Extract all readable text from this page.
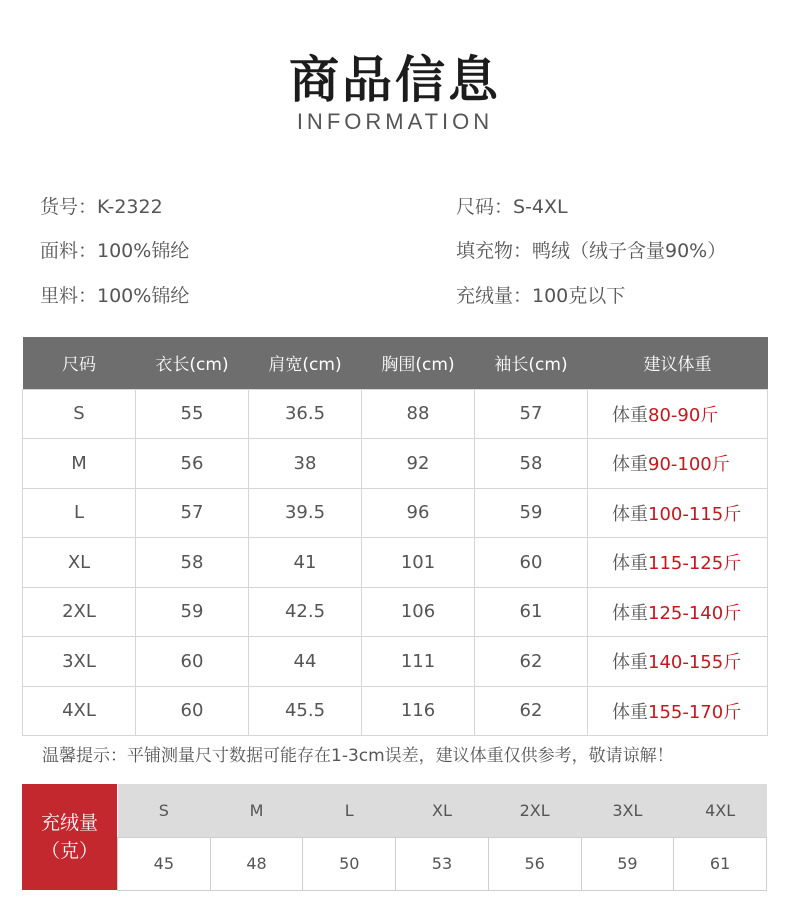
商品信息
INFORMATION
货号：K-2322
面料：100%锦纶
里料：100%锦纶
尺码：S-4XL
填充物：鸭绒（绒子含量90%）
充绒量：100克以下
尺码	衣长(cm)	肩宽(cm)	胸围(cm)	袖长(cm)	建议体重
S	55	36.5	88	57	体重80-90斤
M	56	38	92	58	体重90-100斤
L	57	39.5	96	59	体重100-115斤
XL	58	41	101	60	体重115-125斤
2XL	59	42.5	106	61	体重125-140斤
3XL	60	44	111	62	体重140-155斤
4XL	60	45.5	116	62	体重155-170斤
温馨提示：平铺测量尺寸数据可能存在1-3cm误差，建议体重仅供参考，敬请谅解！
充绒量
（克）
S	M	L	XL	2XL	3XL	4XL
45	48	50	53	56	59	61
